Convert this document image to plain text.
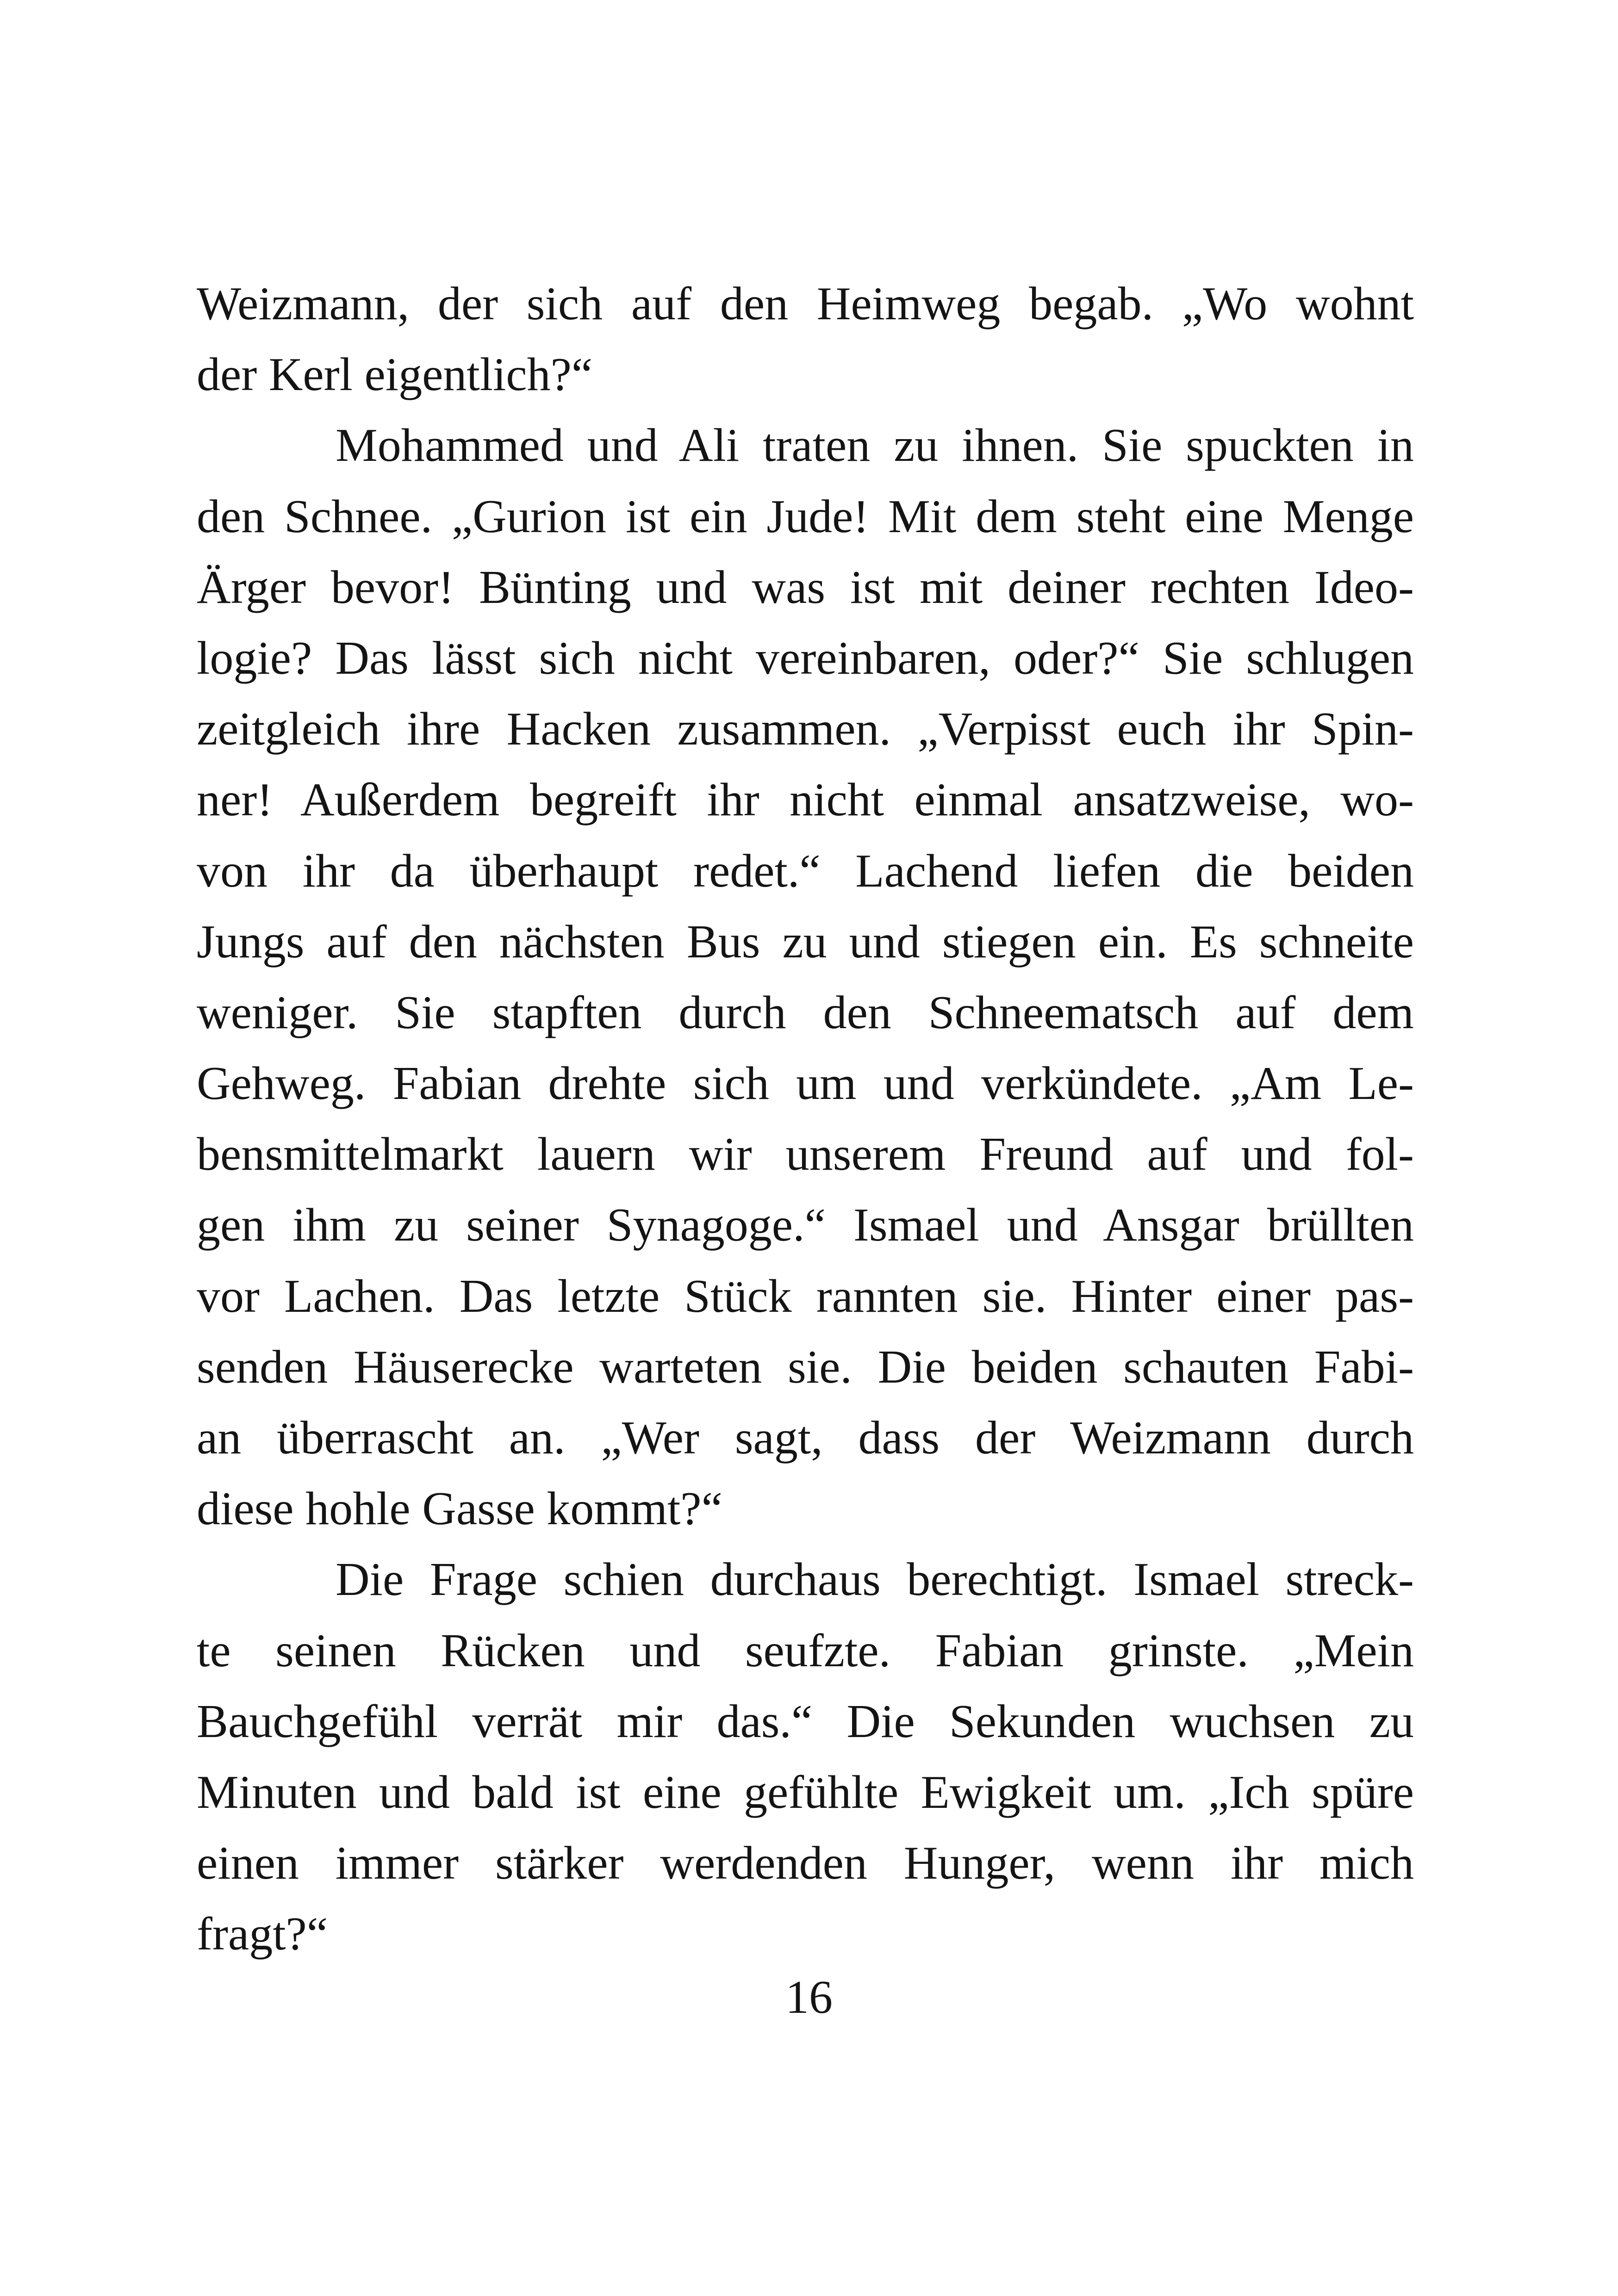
Weizmann, der sich auf den Heimweg begab. „Wo wohnt
der Kerl eigentlich?“
Mohammed und Ali traten zu ihnen. Sie spuckten in
den Schnee. „Gurion ist ein Jude! Mit dem steht eine Menge
Ärger bevor! Bünting und was ist mit deiner rechten Ideo-
logie? Das lässt sich nicht vereinbaren, oder?“ Sie schlugen
zeitgleich ihre Hacken zusammen. „Verpisst euch ihr Spin-
ner! Außerdem begreift ihr nicht einmal ansatzweise, wo-
von ihr da überhaupt redet.“ Lachend liefen die beiden
Jungs auf den nächsten Bus zu und stiegen ein. Es schneite
weniger. Sie stapften durch den Schneematsch auf dem
Gehweg. Fabian drehte sich um und verkündete. „Am Le-
bensmittelmarkt lauern wir unserem Freund auf und fol-
gen ihm zu seiner Synagoge.“ Ismael und Ansgar brüllten
vor Lachen. Das letzte Stück rannten sie. Hinter einer pas-
senden Häuserecke warteten sie. Die beiden schauten Fabi-
an überrascht an. „Wer sagt, dass der Weizmann durch
diese hohle Gasse kommt?“
Die Frage schien durchaus berechtigt. Ismael streck-
te seinen Rücken und seufzte. Fabian grinste. „Mein
Bauchgefühl verrät mir das.“ Die Sekunden wuchsen zu
Minuten und bald ist eine gefühlte Ewigkeit um. „Ich spüre
einen immer stärker werdenden Hunger, wenn ihr mich
fragt?“
16
